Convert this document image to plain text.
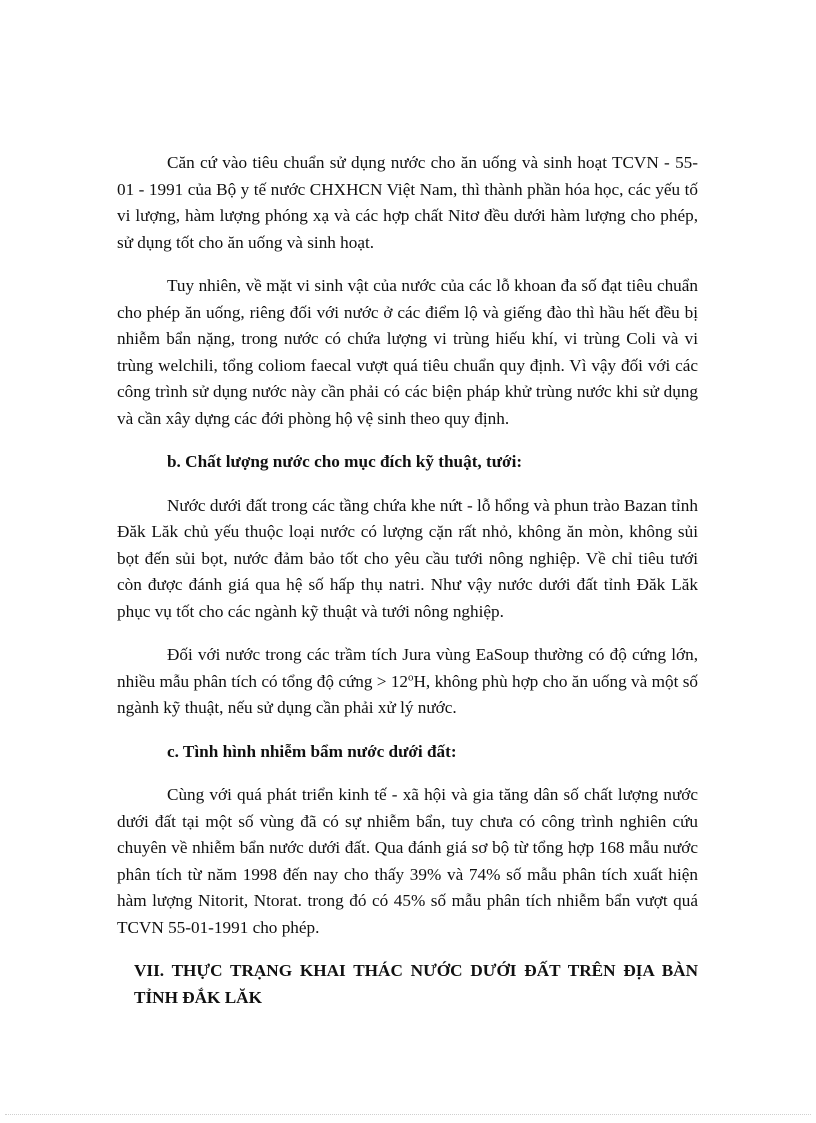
Căn cứ vào tiêu chuẩn sử dụng nước cho ăn uống và sinh hoạt TCVN - 55-01 - 1991 của Bộ y tế nước CHXHCN Việt Nam, thì thành phần hóa học, các yếu tố vi lượng, hàm lượng phóng xạ và các hợp chất Nitơ đều dưới hàm lượng cho phép, sử dụng tốt cho ăn uống và sinh hoạt.

Tuy nhiên, về mặt vi sinh vật của nước của các lỗ khoan đa số đạt tiêu chuẩn cho phép ăn uống, riêng đối với nước ở các điểm lộ và giếng đào thì hầu hết đều bị nhiễm bẩn nặng, trong nước có chứa lượng vi trùng hiếu khí, vi trùng Coli và vi trùng welchili, tổng coliom faecal vượt quá tiêu chuẩn quy định. Vì vậy đối với các công trình sử dụng nước này cần phải có các biện pháp khử trùng nước khi sử dụng và cần xây dựng các đới phòng hộ vệ sinh theo quy định.

b. Chất lượng nước cho mục đích kỹ thuật, tưới:

Nước dưới đất trong các tầng chứa khe nứt - lỗ hổng và phun trào Bazan tỉnh Đăk Lăk chủ yếu thuộc loại nước có lượng cặn rất nhỏ, không ăn mòn, không sủi bọt đến sủi bọt, nước đảm bảo tốt cho yêu cầu tưới nông nghiệp. Về chỉ tiêu tưới còn được đánh giá qua hệ số hấp thụ natri. Như vậy nước dưới đất tỉnh Đăk Lăk phục vụ tốt cho các ngành kỹ thuật và tưới nông nghiệp.

Đối với nước trong các trầm tích Jura vùng EaSoup thường có độ cứng lớn, nhiều mẫu phân tích có tổng độ cứng > $12^oH$, không phù hợp cho ăn uống và một số ngành kỹ thuật, nếu sử dụng cần phải xử lý nước.

c. Tình hình nhiễm bẩm nước dưới đất:

Cùng với quá phát triển kinh tế - xã hội và gia tăng dân số chất lượng nước dưới đất tại một số vùng đã có sự nhiễm bẩn, tuy chưa có công trình nghiên cứu chuyên về nhiễm bẩn nước dưới đất. Qua đánh giá sơ bộ từ tổng hợp 168 mẫu nước phân tích từ năm 1998 đến nay cho thấy 39% và 74% số mẫu phân tích xuất hiện hàm lượng Nitorit, Ntorat. trong đó có 45% số mẫu phân tích nhiễm bẩn vượt quá TCVN 55-01-1991 cho phép.

VII. THỰC TRẠNG KHAI THÁC NƯỚC DƯỚI ĐẤT TRÊN ĐỊA BÀN TỈNH ĐẮK LĂK
